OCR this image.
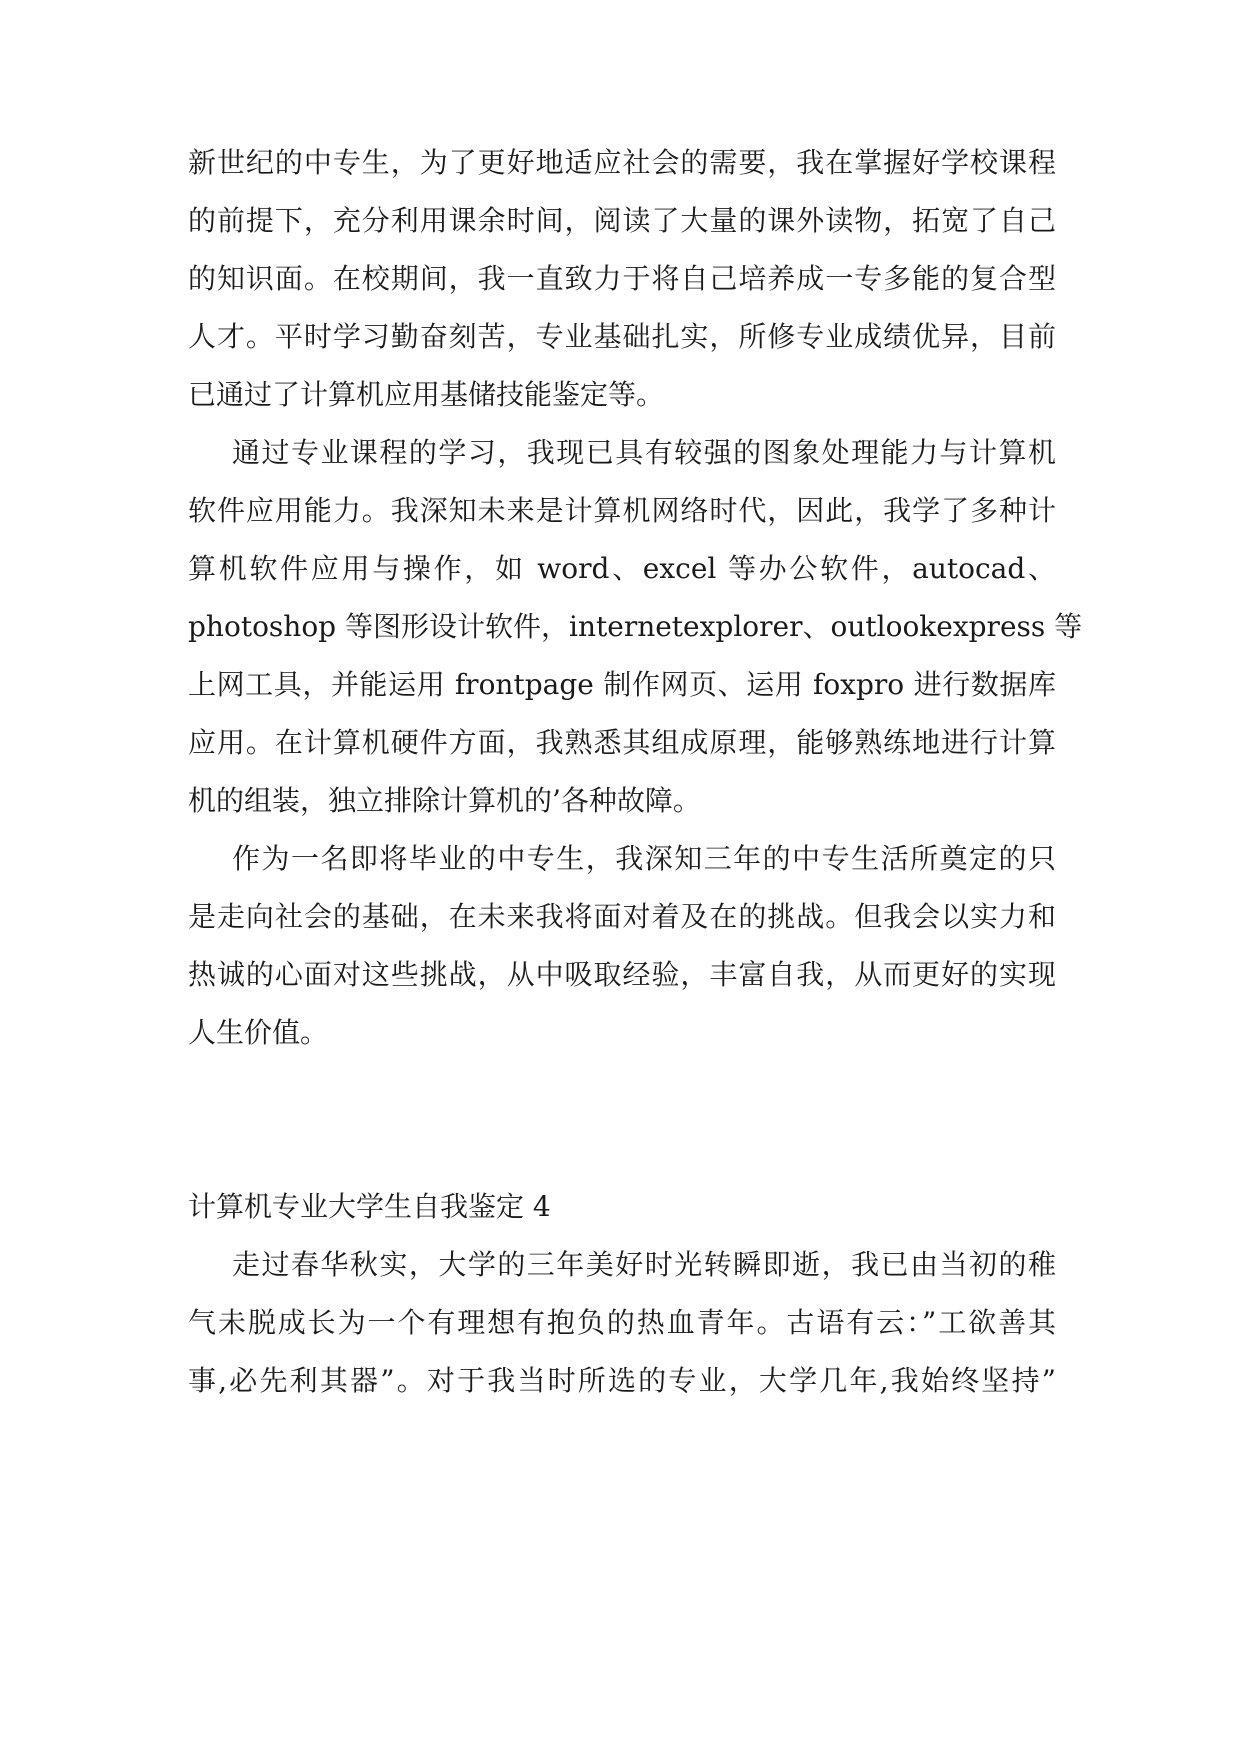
新世纪的中专生，为了更好地适应社会的需要，我在掌握好学校课程
的前提下，充分利用课余时间，阅读了大量的课外读物，拓宽了自己
的知识面。在校期间，我一直致力于将自己培养成一专多能的复合型
人才。平时学习勤奋刻苦，专业基础扎实，所修专业成绩优异，目前
已通过了计算机应用基储技能鉴定等。
通过专业课程的学习，我现已具有较强的图象处理能力与计算机
软件应用能力。我深知未来是计算机网络时代，因此，我学了多种计
算机软件应用与操作，如 word、excel 等办公软件，autocad、
photoshop 等图形设计软件，internetexplorer、outlookexpress 等
上网工具，并能运用 frontpage 制作网页、运用 foxpro 进行数据库
应用。在计算机硬件方面，我熟悉其组成原理，能够熟练地进行计算
机的组装，独立排除计算机的’各种故障。
作为一名即将毕业的中专生，我深知三年的中专生活所奠定的只
是走向社会的基础，在未来我将面对着及在的挑战。但我会以实力和
热诚的心面对这些挑战，从中吸取经验，丰富自我，从而更好的实现
人生价值。
计算机专业大学生自我鉴定 4
走过春华秋实，大学的三年美好时光转瞬即逝，我已由当初的稚
气未脱成长为一个有理想有抱负的热血青年。古语有云：”工欲善其
事,必先利其器”。对于我当时所选的专业，大学几年,我始终坚持”
